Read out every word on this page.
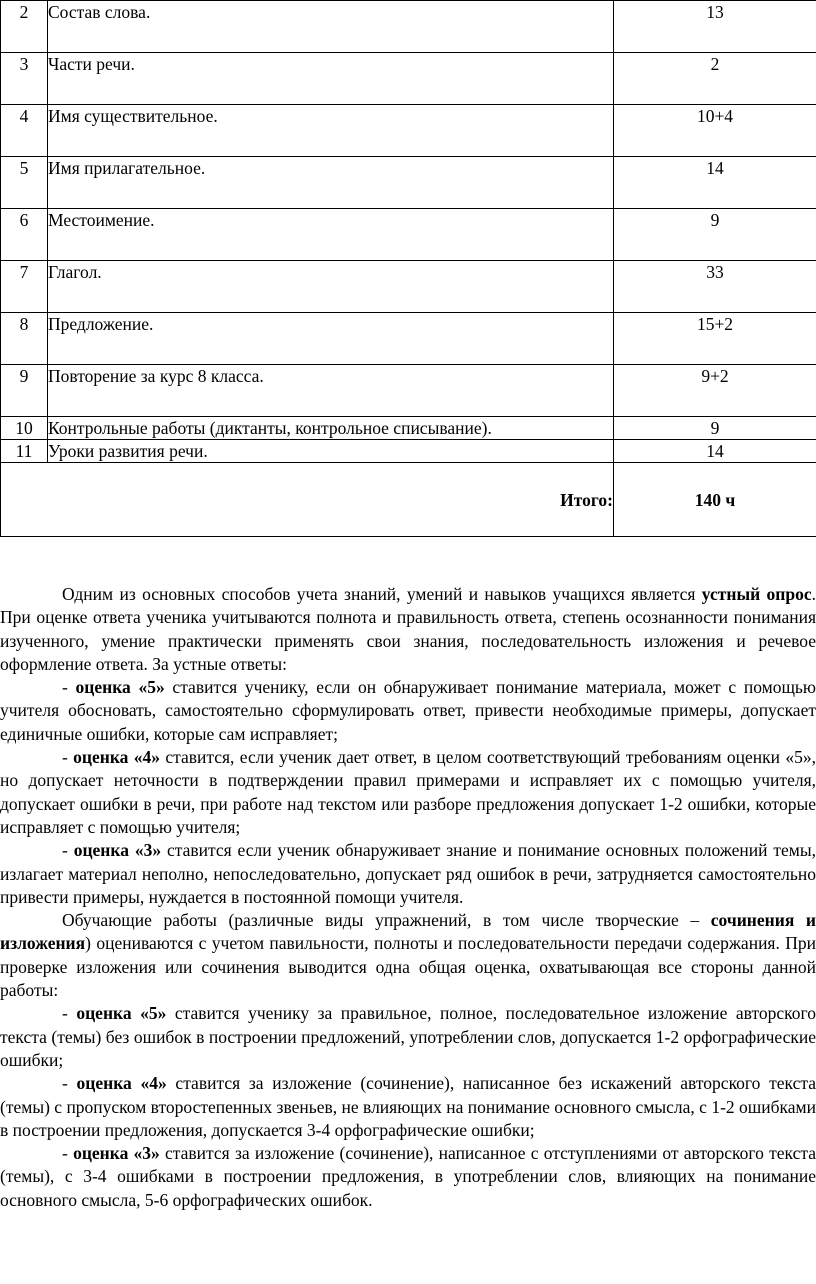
2	Состав слова.	13
3	Части речи.	2
4	Имя существительное.	10+4
5	Имя прилагательное.	14
6	Местоимение.	9
7	Глагол.	33
8	Предложение.	15+2
9	Повторение за курс 8 класса.	9+2
10	Контрольные работы (диктанты, контрольное списывание).	9
11	Уроки развития речи.	14
Итого:		140 ч

Одним из основных способов учета знаний, умений и навыков учащихся является устный опрос. При оценке ответа ученика учитываются полнота и правильность ответа, степень осознанности понимания изученного, умение практически применять свои знания, последовательность изложения и речевое оформление ответа. За устные ответы:

- оценка «5» ставится ученику, если он обнаруживает понимание материала, может с помощью учителя обосновать, самостоятельно сформулировать ответ, привести необходимые примеры, допускает единичные ошибки, которые сам исправляет;

- оценка «4» ставится, если ученик дает ответ, в целом соответствующий требованиям оценки «5», но допускает неточности в подтверждении правил примерами и исправляет их с помощью учителя, допускает ошибки в речи, при работе над текстом или разборе предложения допускает 1-2 ошибки, которые исправляет с помощью учителя;

- оценка «3» ставится если ученик обнаруживает знание и понимание основных положений темы, излагает материал неполно, непоследовательно, допускает ряд ошибок в речи, затрудняется самостоятельно привести примеры, нуждается в постоянной помощи учителя.

Обучающие работы (различные виды упражнений, в том числе творческие – сочинения и изложения) оцениваются с учетом павильности, полноты и последовательности передачи содержания. При проверке изложения или сочинения выводится одна общая оценка, охватывающая все стороны данной работы:

- оценка «5» ставится ученику за правильное, полное, последовательное изложение авторского текста (темы) без ошибок в построении предложений, употреблении слов, допускается 1-2 орфографические ошибки;

- оценка «4» ставится за изложение (сочинение), написанное без искажений авторского текста (темы) с пропуском второстепенных звеньев, не влияющих на понимание основного смысла, с 1-2 ошибками в построении предложения, допускается 3-4 орфографические ошибки;

- оценка «3» ставится за изложение (сочинение), написанное с отступлениями от авторского текста (темы), с 3-4 ошибками в построении предложения, в употреблении слов, влияющих на понимание основного смысла, 5-6 орфографических ошибок.
